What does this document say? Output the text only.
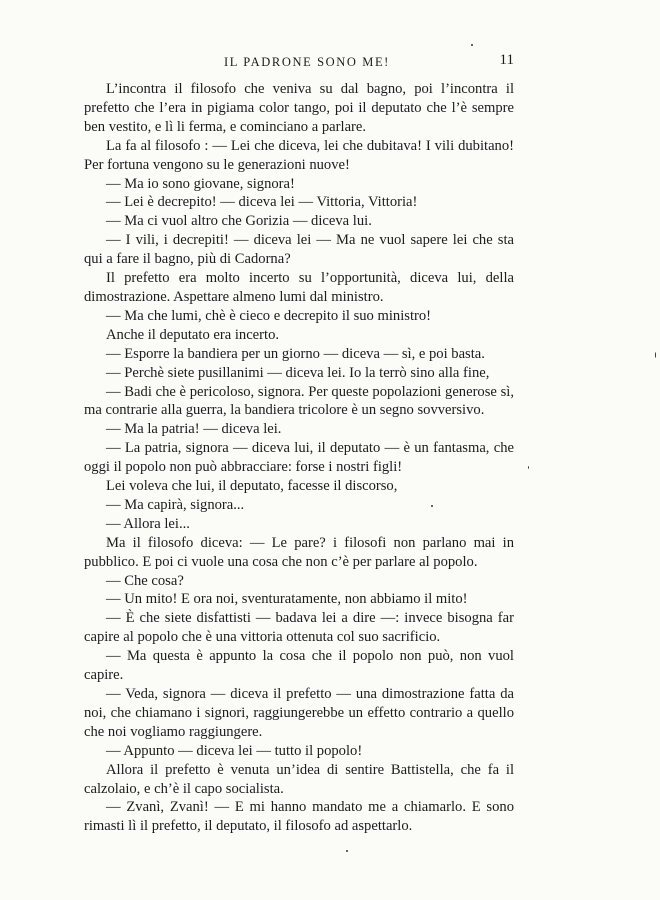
IL PADRONE SONO ME!	11

L’incontra il filosofo che veniva su dal bagno, poi l’incontra il prefetto che l’era in pigiama color tango, poi il deputato che l’è sempre ben vestito, e lì li ferma, e cominciano a parlare.

La fa al filosofo : — Lei che diceva, lei che dubitava! I vili dubitano! Per fortuna vengono su le generazioni nuove!

— Ma io sono giovane, signora!

— Lei è decrepito! — diceva lei — Vittoria, Vittoria!

— Ma ci vuol altro che Gorizia — diceva lui.

— I vili, i decrepiti! — diceva lei — Ma ne vuol sapere lei che sta qui a fare il bagno, più di Cadorna?

Il prefetto era molto incerto su l’opportunità, diceva lui, della dimostrazione. Aspettare almeno lumi dal ministro.

— Ma che lumi, chè è cieco e decrepito il suo ministro!

Anche il deputato era incerto.

— Esporre la bandiera per un giorno — diceva — sì, e poi basta.

— Perchè siete pusillanimi — diceva lei. Io la terrò sino alla fine,

— Badi che è pericoloso, signora. Per queste popolazioni generose sì, ma contrarie alla guerra, la bandiera tricolore è un segno sovversivo.

— Ma la patria! — diceva lei.

— La patria, signora — diceva lui, il deputato — è un fantasma, che oggi il popolo non può abbracciare: forse i nostri figli!

Lei voleva che lui, il deputato, facesse il discorso,

— Ma capirà, signora...

— Allora lei...

Ma il filosofo diceva: — Le pare? i filosofi non parlano mai in pubblico. E poi ci vuole una cosa che non c’è per parlare al popolo.

— Che cosa?

— Un mito! E ora noi, sventuratamente, non abbiamo il mito!

— È che siete disfattisti — badava lei a dire —: invece bisogna far capire al popolo che è una vittoria ottenuta col suo sacrificio.

— Ma questa è appunto la cosa che il popolo non può, non vuol capire.

— Veda, signora — diceva il prefetto — una dimostrazione fatta da noi, che chiamano i signori, raggiungerebbe un effetto contrario a quello che noi vogliamo raggiungere.

— Appunto — diceva lei — tutto il popolo!

Allora il prefetto è venuta un’idea di sentire Battistella, che fa il calzolaio, e ch’è il capo socialista.

— Zvanì, Zvanì! — E mi hanno mandato me a chiamarlo. E sono rimasti lì il prefetto, il deputato, il filosofo ad aspettarlo.
